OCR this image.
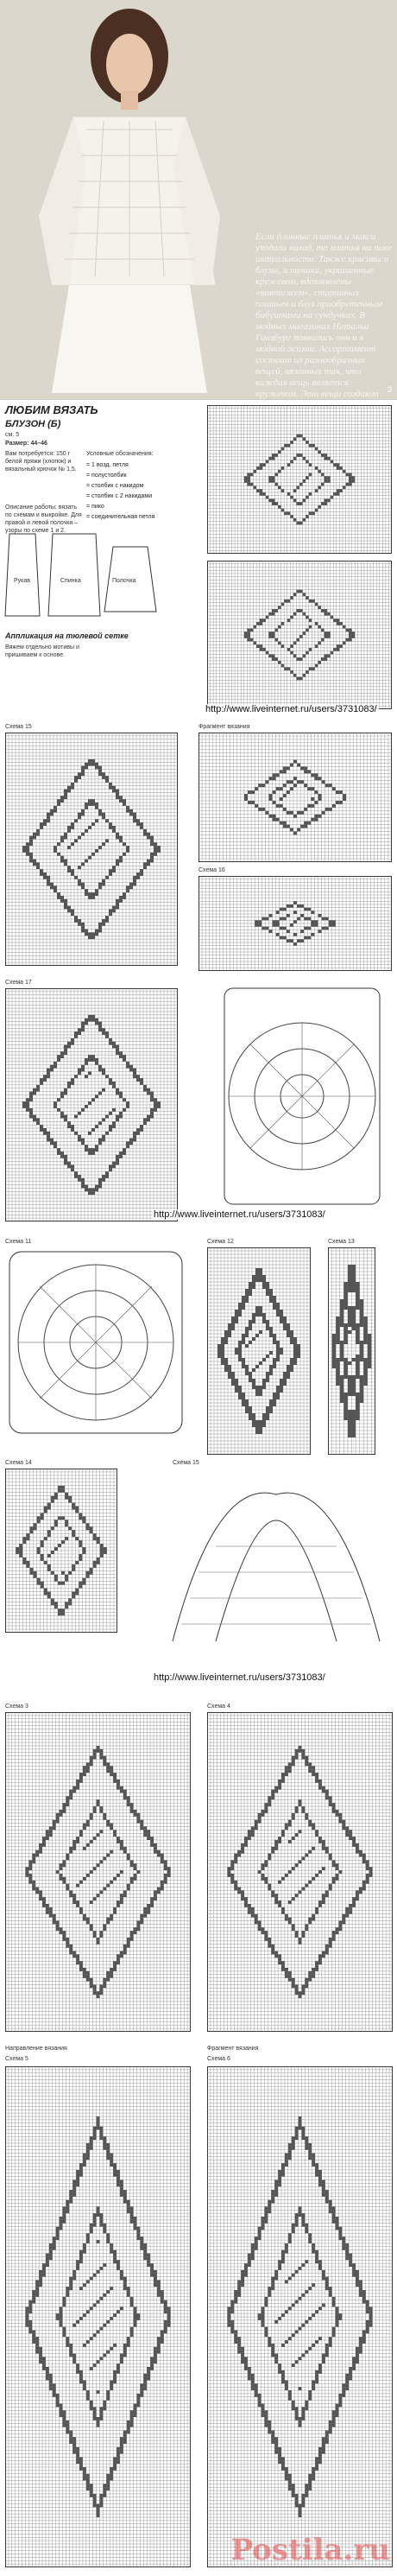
Если длинные платья и макси уходили назад, то платья на пике актуальности. Также красивы и блузы, и туники, украшенные кружевом, вдохновлены «винтажем», старинных платьев и блуз приобретенным бабушками на сундучках. В модных магазинах Натальи Гинзбург появились они и в модной жизни. Ассортимент состоит из разнообразных вещей, вязанных так, что каждая вещь является кружевом. Эти вещи создают	3
ЛЮБИМ ВЯЗАТЬ
БЛУЗОН (Б)
см. 5
Размер: 44–46
Вам потребуется: 150 г белой пряжи (хлопок) и вязальный крючок № 1,5.
Описание работы: вязать по схемам и выкройке. Для правой и левой полочки – узоры по схеме 1 и 2.
Условные обозначения:
= 1 возд. петля
= полустолбик
= столбик с накидом
= столбик с 2 накидами
= пико
= соединительная петля
Рукав	Спинка	Полочка
Аппликация на тюлевой сетке
Вяжем отдельно мотивы и пришиваем к основе.
http://www.liveinternet.ru/users/3731083/
Схема 15	Фрагмент вязания
Схема 16
Схема 17
http://www.liveinternet.ru/users/3731083/
Схема 11	Схема 12	Схема 13
Схема 14	Схема 15
http://www.liveinternet.ru/users/3731083/
Схема 3	Схема 4
Направление вязания
Схема 5
Фрагмент вязания
Схема 6
Postila.ru
